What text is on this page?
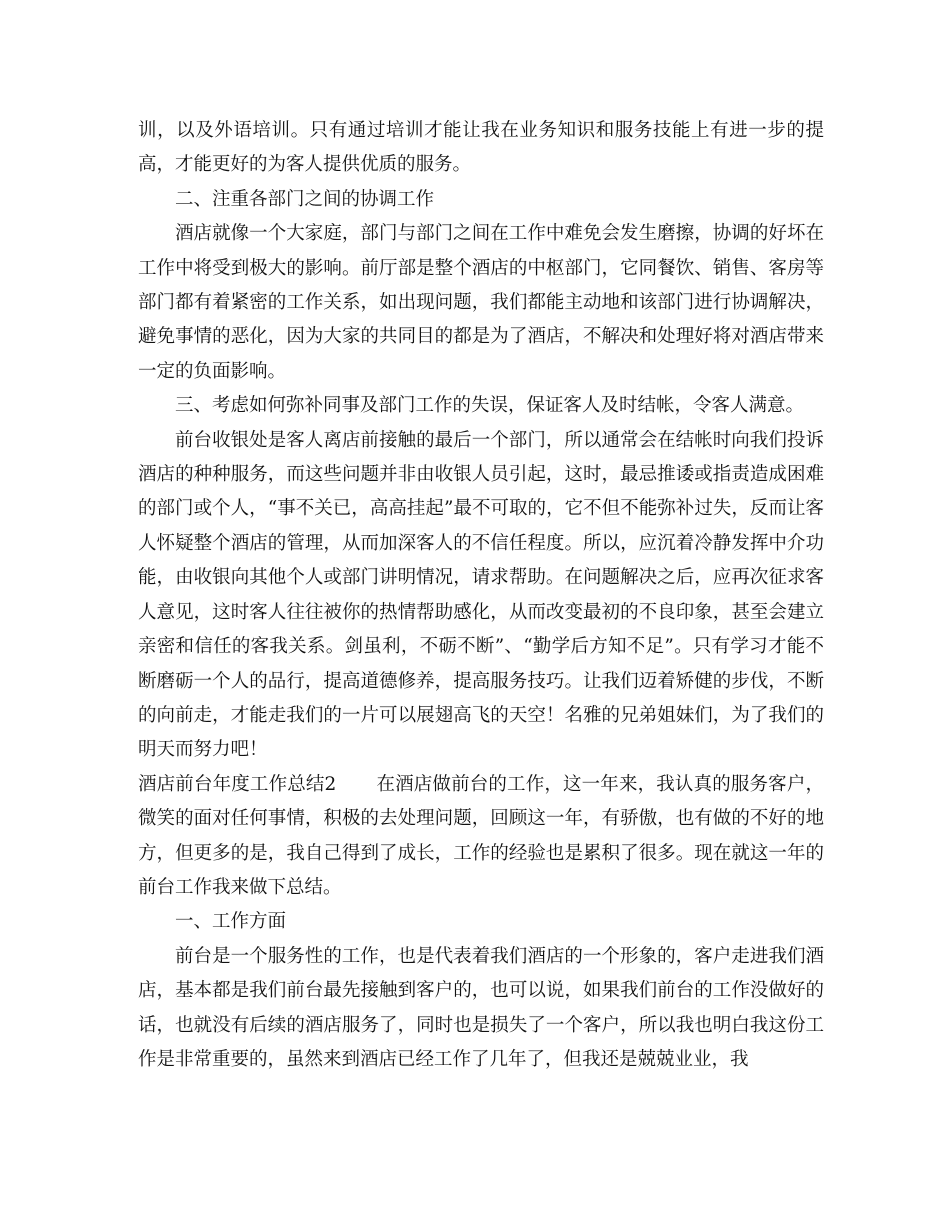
训，以及外语培训。只有通过培训才能让我在业务知识和服务技能上有进一步的提高，才能更好的为客人提供优质的服务。

二、注重各部门之间的协调工作

酒店就像一个大家庭，部门与部门之间在工作中难免会发生磨擦，协调的好坏在工作中将受到极大的影响。前厅部是整个酒店的中枢部门，它同餐饮、销售、客房等部门都有着紧密的工作关系，如出现问题，我们都能主动地和该部门进行协调解决，避免事情的恶化，因为大家的共同目的都是为了酒店，不解决和处理好将对酒店带来一定的负面影响。

三、考虑如何弥补同事及部门工作的失误，保证客人及时结帐，令客人满意。

前台收银处是客人离店前接触的最后一个部门，所以通常会在结帐时向我们投诉酒店的种种服务，而这些问题并非由收银人员引起，这时，最忌推诿或指责造成困难的部门或个人，“事不关已，高高挂起”最不可取的，它不但不能弥补过失，反而让客人怀疑整个酒店的管理，从而加深客人的不信任程度。所以，应沉着冷静发挥中介功能，由收银向其他个人或部门讲明情况，请求帮助。在问题解决之后，应再次征求客人意见，这时客人往往被你的热情帮助感化，从而改变最初的不良印象，甚至会建立亲密和信任的客我关系。剑虽利，不砺不断”、“勤学后方知不足”。只有学习才能不断磨砺一个人的品行，提高道德修养，提高服务技巧。让我们迈着矫健的步伐，不断的向前走，才能走我们的一片可以展翅高飞的天空！名雅的兄弟姐妹们，为了我们的明天而努力吧！

酒店前台年度工作总结2 在酒店做前台的工作，这一年来，我认真的服务客户，微笑的面对任何事情，积极的去处理问题，回顾这一年，有骄傲，也有做的不好的地方，但更多的是，我自己得到了成长，工作的经验也是累积了很多。现在就这一年的前台工作我来做下总结。

一、工作方面

前台是一个服务性的工作，也是代表着我们酒店的一个形象的，客户走进我们酒店，基本都是我们前台最先接触到客户的，也可以说，如果我们前台的工作没做好的话，也就没有后续的酒店服务了，同时也是损失了一个客户，所以我也明白我这份工作是非常重要的，虽然来到酒店已经工作了几年了，但我还是兢兢业业，我
